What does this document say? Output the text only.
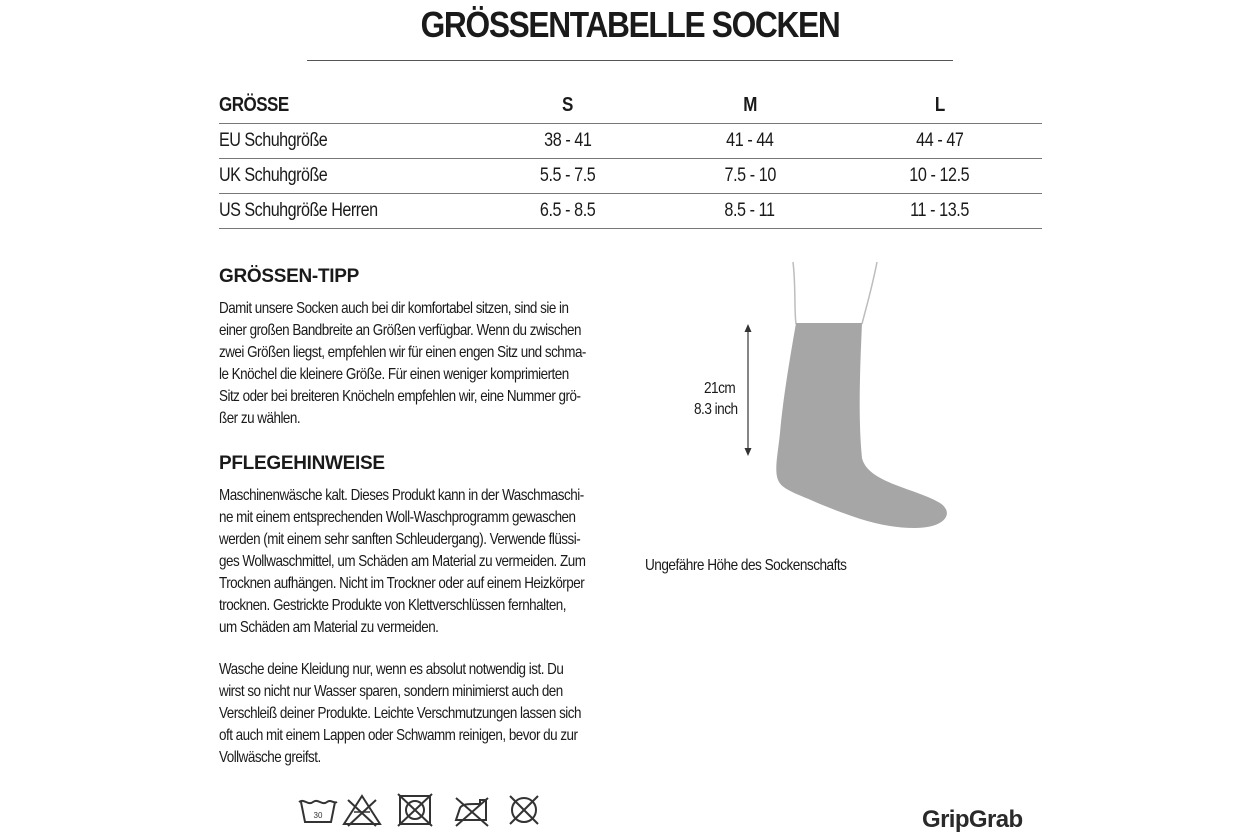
GRÖSSENTABELLE SOCKEN
GRÖSSE	S	M	L
EU Schuhgröße	38 - 41	41 - 44	44 - 47
UK Schuhgröße	5.5 - 7.5	7.5 - 10	10 - 12.5
US Schuhgröße Herren	6.5 - 8.5	8.5 - 11	11 - 13.5
GRÖSSEN-TIPP
Damit unsere Socken auch bei dir komfortabel sitzen, sind sie in
einer großen Bandbreite an Größen verfügbar. Wenn du zwischen
zwei Größen liegst, empfehlen wir für einen engen Sitz und schma-
le Knöchel die kleinere Größe. Für einen weniger komprimierten
Sitz oder bei breiteren Knöcheln empfehlen wir, eine Nummer grö-
ßer zu wählen.
PFLEGEHINWEISE
Maschinenwäsche kalt. Dieses Produkt kann in der Waschmaschi-
ne mit einem entsprechenden Woll-Waschprogramm gewaschen
werden (mit einem sehr sanften Schleudergang). Verwende flüssi-
ges Wollwaschmittel, um Schäden am Material zu vermeiden. Zum
Trocknen aufhängen. Nicht im Trockner oder auf einem Heizkörper
trocknen. Gestrickte Produkte von Klettverschlüssen fernhalten,
um Schäden am Material zu vermeiden.
Wasche deine Kleidung nur, wenn es absolut notwendig ist. Du
wirst so nicht nur Wasser sparen, sondern minimierst auch den
Verschleiß deiner Produkte. Leichte Verschmutzungen lassen sich
oft auch mit einem Lappen oder Schwamm reinigen, bevor du zur
Vollwäsche greifst.
21cm
8.3 inch
Ungefähre Höhe des Sockenschafts
30	GripGrab
